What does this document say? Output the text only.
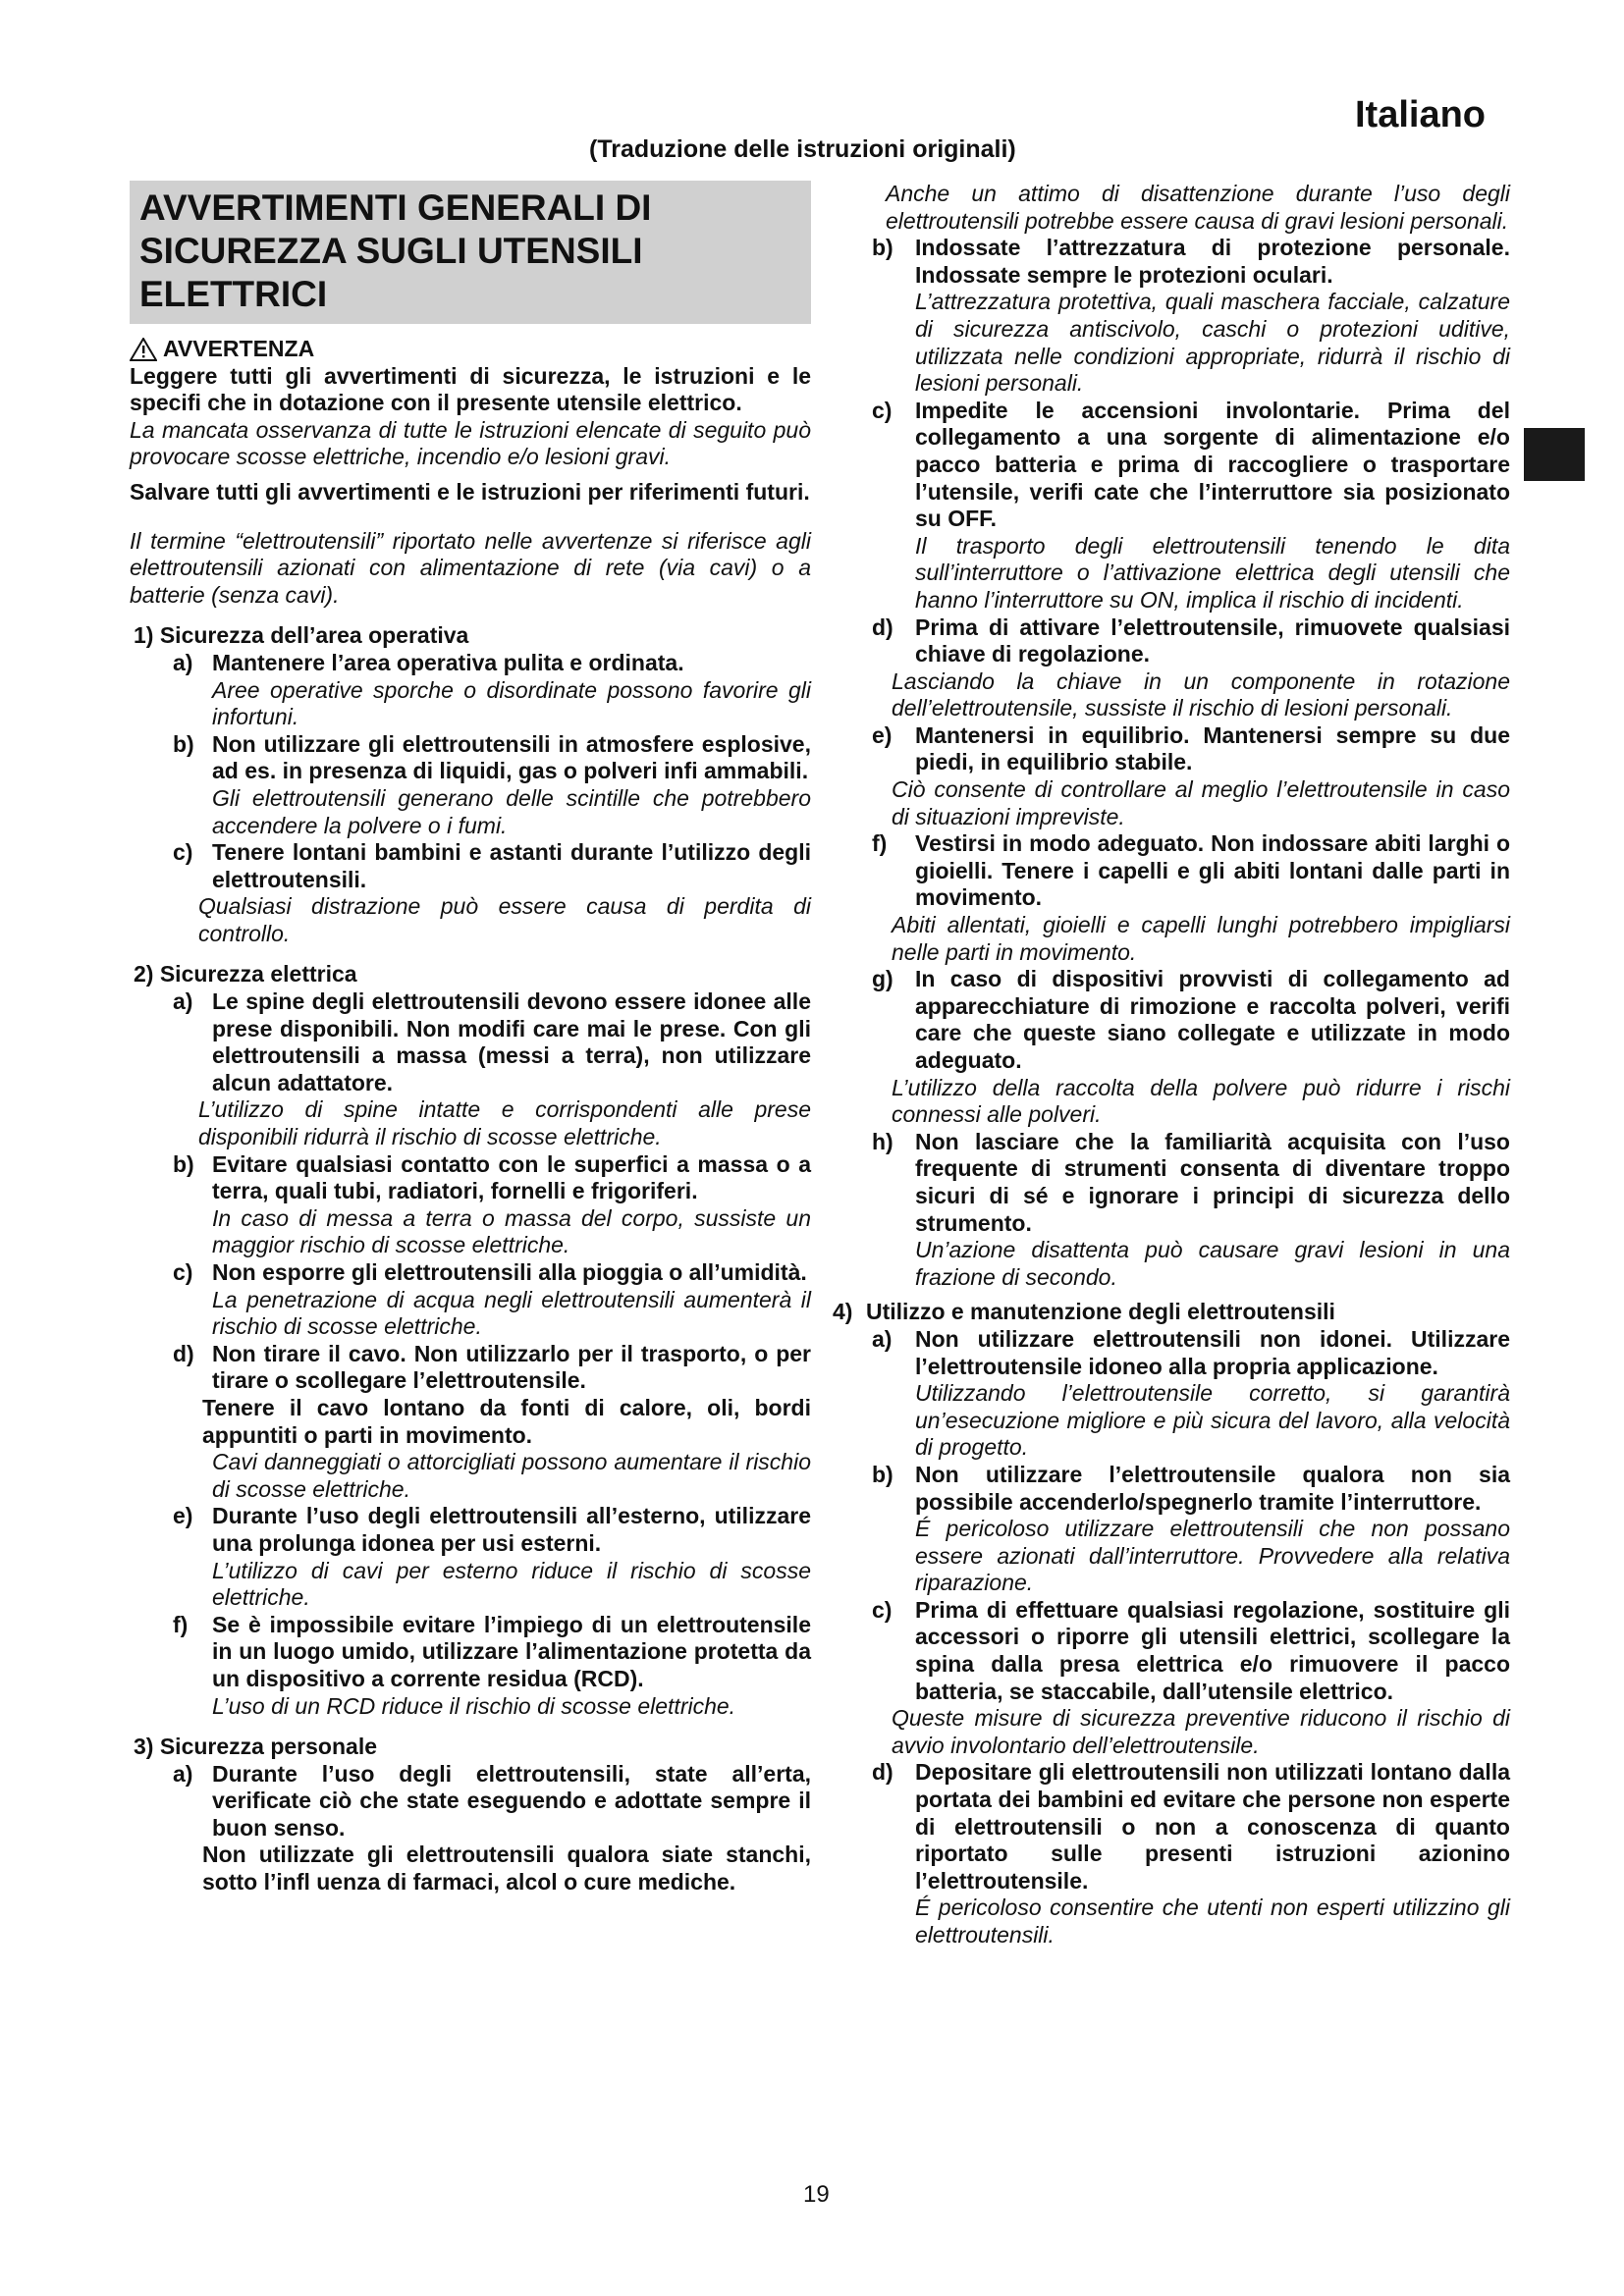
Italiano
(Traduzione delle istruzioni originali)
AVVERTIMENTI GENERALI DI SICUREZZA SUGLI UTENSILI ELETTRICI
AVVERTENZA

Leggere tutti gli avvertimenti di sicurezza, le istruzioni e le specifi che in dotazione con il presente utensile elettrico.

La mancata osservanza di tutte le istruzioni elencate di seguito può provocare scosse elettriche, incendio e/o lesioni gravi.

Salvare tutti gli avvertimenti e le istruzioni per riferimenti futuri.

Il termine “elettroutensili” riportato nelle avvertenze si riferisce agli elettroutensili azionati con alimentazione di rete (via cavi) o a batterie (senza cavi).

1) Sicurezza dell’area operativa
a) Mantenere l’area operativa pulita e ordinata.

Aree operative sporche o disordinate possono favorire gli infortuni.

b) Non utilizzare gli elettroutensili in atmosfere esplosive, ad es. in presenza di liquidi, gas o polveri infi ammabili.

Gli elettroutensili generano delle scintille che potrebbero accendere la polvere o i fumi.

c) Tenere lontani bambini e astanti durante l’utilizzo degli elettroutensili.

Qualsiasi distrazione può essere causa di perdita di controllo.

2) Sicurezza elettrica
a) Le spine degli elettroutensili devono essere idonee alle prese disponibili. Non modifi care mai le prese. Con gli elettroutensili a massa (messi a terra), non utilizzare alcun adattatore.

L’utilizzo di spine intatte e corrispondenti alle prese disponibili ridurrà il rischio di scosse elettriche.

b) Evitare qualsiasi contatto con le superfici a massa o a terra, quali tubi, radiatori, fornelli e frigoriferi.

In caso di messa a terra o massa del corpo, sussiste un maggior rischio di scosse elettriche.

c) Non esporre gli elettroutensili alla pioggia o all’umidità.

La penetrazione di acqua negli elettroutensili aumenterà il rischio di scosse elettriche.

d) Non tirare il cavo. Non utilizzarlo per il trasporto, o per tirare o scollegare l’elettroutensile.

Tenere il cavo lontano da fonti di calore, oli, bordi appuntiti o parti in movimento.

Cavi danneggiati o attorcigliati possono aumentare il rischio di scosse elettriche.

e) Durante l’uso degli elettroutensili all’esterno, utilizzare una prolunga idonea per usi esterni.

L’utilizzo di cavi per esterno riduce il rischio di scosse elettriche.

f)	Se è impossibile evitare l’impiego di un elettroutensile in un luogo umido, utilizzare l’alimentazione protetta da un dispositivo a corrente residua (RCD).

L’uso di un RCD riduce il rischio di scosse elettriche.

3) Sicurezza personale
a) Durante l’uso degli elettroutensili, state all’erta, verificate ciò che state eseguendo e adottate sempre il buon senso.

Non utilizzate gli elettroutensili qualora siate stanchi, sotto l’infl uenza di farmaci, alcol o cure mediche.

Anche un attimo di disattenzione durante l’uso degli elettroutensili potrebbe essere causa di gravi lesioni personali.

b) Indossate l’attrezzatura di protezione personale. Indossate sempre le protezioni oculari.

L’attrezzatura protettiva, quali maschera facciale, calzature di sicurezza antiscivolo, caschi o protezioni uditive, utilizzata nelle condizioni appropriate, ridurrà il rischio di lesioni personali.

c)	Impedite le accensioni involontarie. Prima del collegamento a una sorgente di alimentazione e/o pacco batteria e prima di raccogliere o trasportare l’utensile, verifi cate che l’interruttore sia posizionato su OFF.

Il trasporto degli elettroutensili tenendo le dita sull’interruttore o l’attivazione elettrica degli utensili che hanno l’interruttore su ON, implica il rischio di incidenti.

d) Prima di attivare l’elettroutensile, rimuovete qualsiasi chiave di regolazione.

Lasciando la chiave in un componente in rotazione dell’elettroutensile, sussiste il rischio di lesioni personali.

e)	Mantenersi in equilibrio. Mantenersi sempre su due piedi, in equilibrio stabile.

Ciò consente di controllare al meglio l’elettroutensile in caso di situazioni impreviste.

f)	Vestirsi in modo adeguato. Non indossare abiti larghi o gioielli. Tenere i capelli e gli abiti lontani dalle parti in movimento.

Abiti allentati, gioielli e capelli lunghi potrebbero impigliarsi nelle parti in movimento.

g) In caso di dispositivi provvisti di collegamento ad apparecchiature di rimozione e raccolta polveri, verifi care che queste siano collegate e utilizzate in modo adeguato.

L’utilizzo della raccolta della polvere può ridurre i rischi connessi alle polveri.

h) Non lasciare che la familiarità acquisita con l’uso frequente di strumenti consenta di diventare troppo sicuri di sé e ignorare i principi di sicurezza dello strumento.

Un’azione disattenta può causare gravi lesioni in una frazione di secondo.

4) Utilizzo e manutenzione degli elettroutensili
a)	Non utilizzare elettroutensili non idonei. Utilizzare l’elettroutensile idoneo alla propria applicazione.

Utilizzando l’elettroutensile corretto, si garantirà un’esecuzione migliore e più sicura del lavoro, alla velocità di progetto.

b) Non utilizzare l’elettroutensile qualora non sia possibile accenderlo/spegnerlo tramite l’interruttore.

É pericoloso utilizzare elettroutensili che non possano essere azionati dall’interruttore. Provvedere alla relativa riparazione.

c)	Prima di effettuare qualsiasi regolazione, sostituire gli accessori o riporre gli utensili elettrici, scollegare la spina dalla presa elettrica e/o rimuovere il pacco batteria, se staccabile, dall’utensile elettrico.

Queste misure di sicurezza preventive riducono il rischio di avvio involontario dell’elettroutensile.

d) Depositare gli elettroutensili non utilizzati lontano dalla portata dei bambini ed evitare che persone non esperte di elettroutensili o non a conoscenza di quanto riportato sulle presenti istruzioni azionino l’elettroutensile.

É pericoloso consentire che utenti non esperti utilizzino gli elettroutensili.

19
